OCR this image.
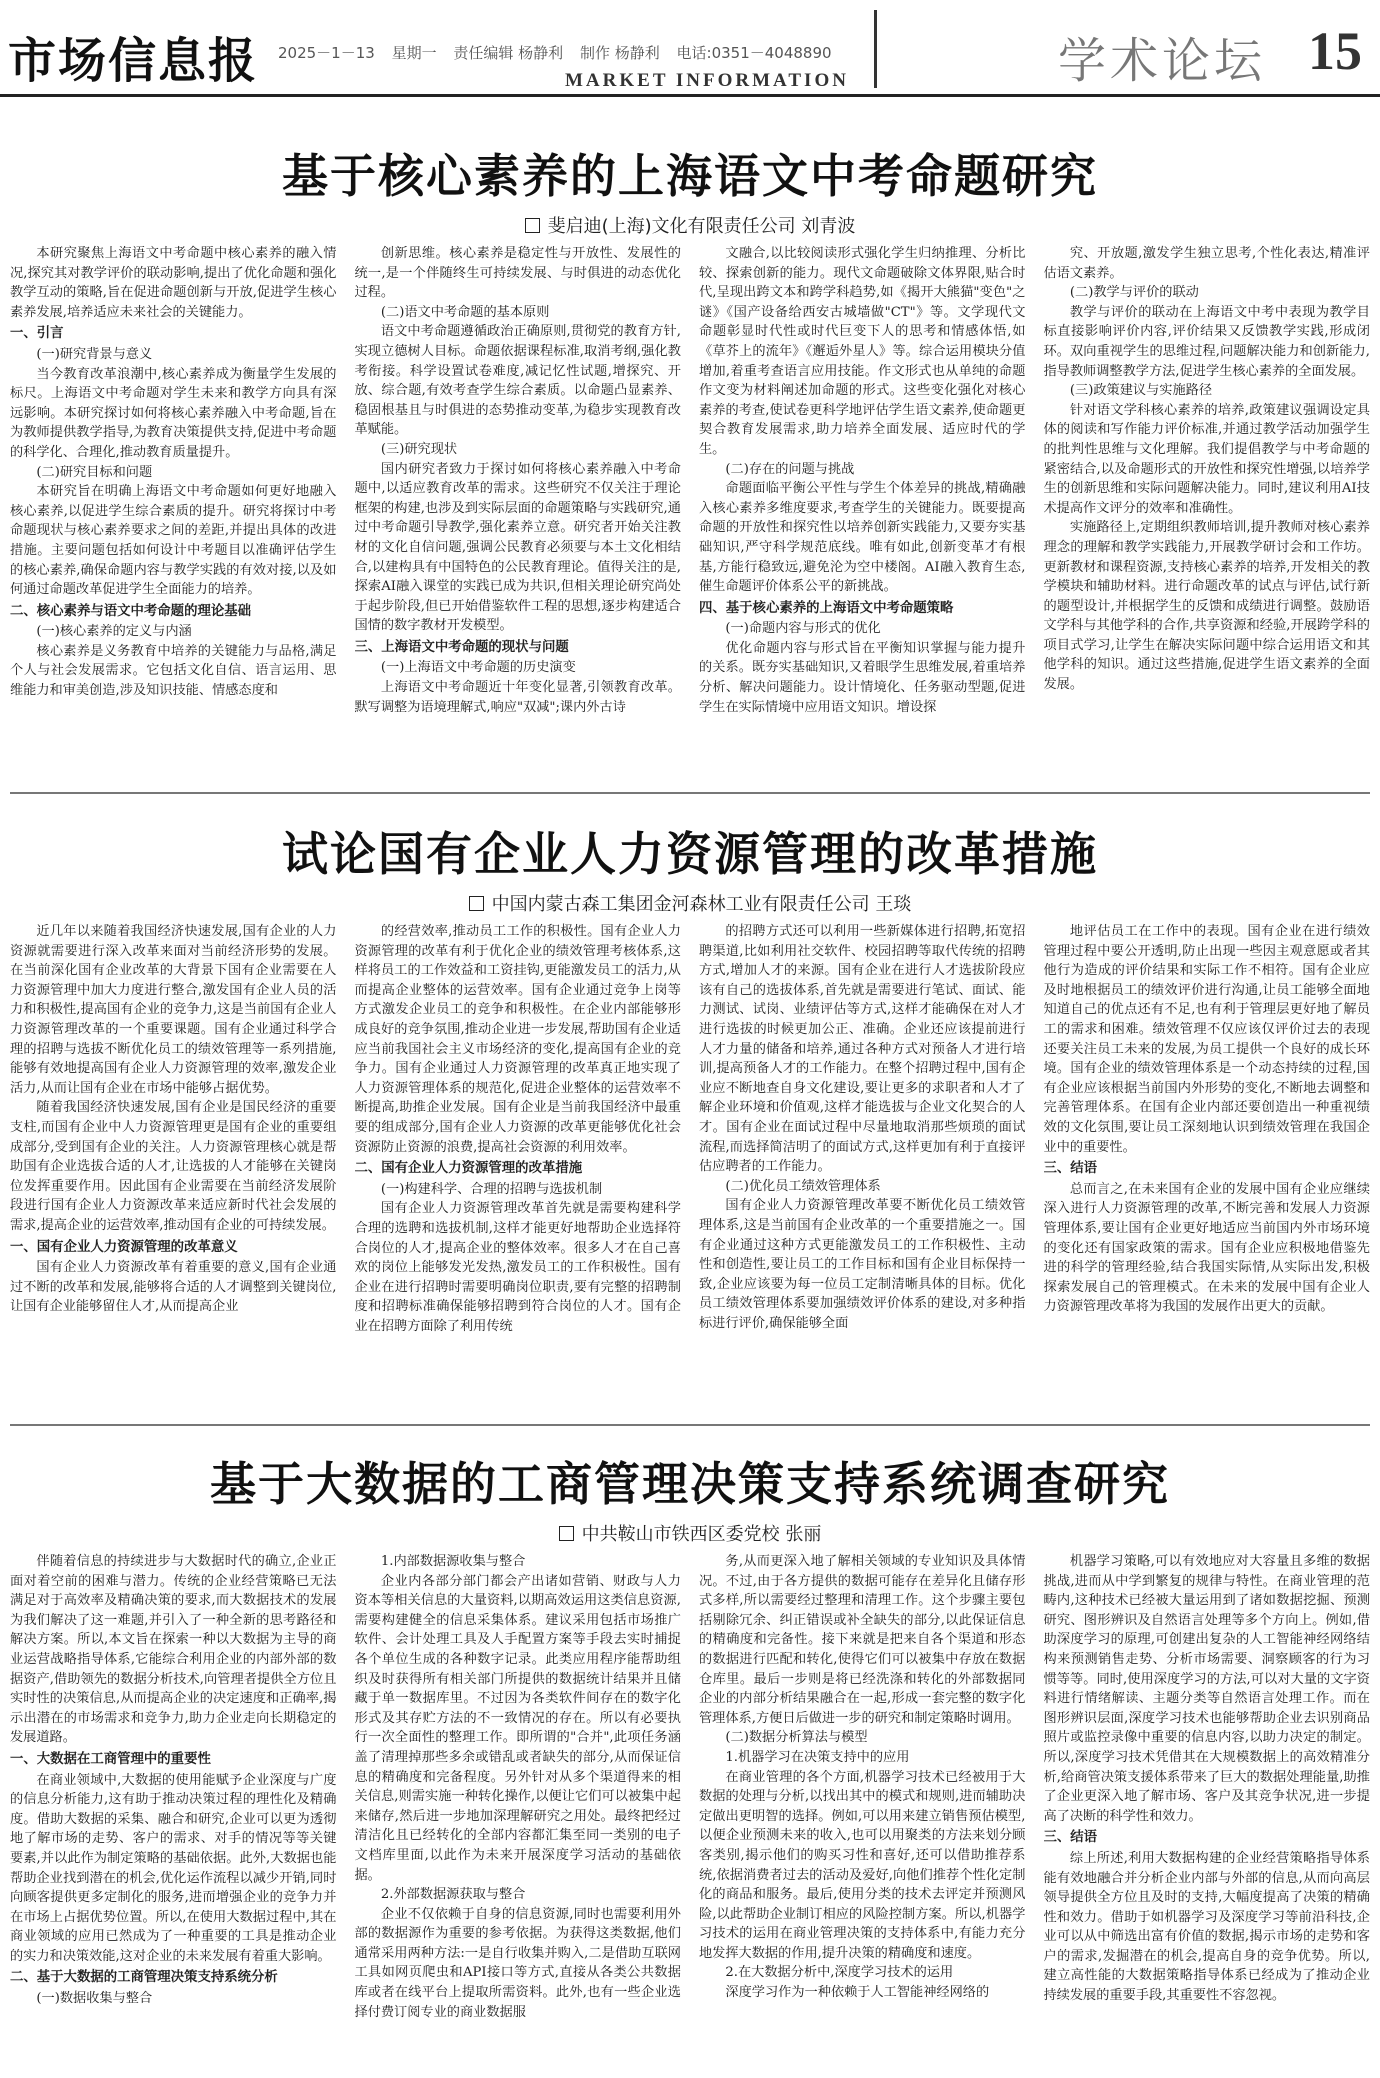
市场信息报 2025－1－13 星期一 责任编辑 杨静利 制作 杨静利 电话:0351－4048890
MARKET INFORMATION	学术论坛 15
基于核心素养的上海语文中考命题研究
斐启迪(上海)文化有限责任公司 刘青波

本研究聚焦上海语文中考命题中核心素养的融入情况,探究其对教学评价的联动影响,提出了优化命题和强化教学互动的策略,旨在促进命题创新与开放,促进学生核心素养发展,培养适应未来社会的关键能力。

一、引言
(一)研究背景与意义

当今教育改革浪潮中,核心素养成为衡量学生发展的标尺。上海语文中考命题对学生未来和教学方向具有深远影响。本研究探讨如何将核心素养融入中考命题,旨在为教师提供教学指导,为教育决策提供支持,促进中考命题的科学化、合理化,推动教育质量提升。

(二)研究目标和问题

本研究旨在明确上海语文中考命题如何更好地融入核心素养,以促进学生综合素质的提升。研究将探讨中考命题现状与核心素养要求之间的差距,并提出具体的改进措施。主要问题包括如何设计中考题目以准确评估学生的核心素养,确保命题内容与教学实践的有效对接,以及如何通过命题改革促进学生全面能力的培养。

二、核心素养与语文中考命题的理论基础
(一)核心素养的定义与内涵

核心素养是义务教育中培养的关键能力与品格,满足个人与社会发展需求。它包括文化自信、语言运用、思维能力和审美创造,涉及知识技能、情感态度和

创新思维。核心素养是稳定性与开放性、发展性的统一,是一个伴随终生可持续发展、与时俱进的动态优化过程。

(二)语文中考命题的基本原则

语文中考命题遵循政治正确原则,贯彻党的教育方针,实现立德树人目标。命题依据课程标准,取消考纲,强化教考衔接。科学设置试卷难度,减记忆性试题,增探究、开放、综合题,有效考查学生综合素质。以命题凸显素养、稳固根基且与时俱进的态势推动变革,为稳步实现教育改革赋能。

(三)研究现状

国内研究者致力于探讨如何将核心素养融入中考命题中,以适应教育改革的需求。这些研究不仅关注于理论框架的构建,也涉及到实际层面的命题策略与实践研究,通过中考命题引导教学,强化素养立意。研究者开始关注教材的文化自信问题,强调公民教育必须要与本土文化相结合,以建构具有中国特色的公民教育理论。值得关注的是,探索AI融入课堂的实践已成为共识,但相关理论研究尚处于起步阶段,但已开始借鉴软件工程的思想,逐步构建适合国情的数字教材开发模型。

三、上海语文中考命题的现状与问题
(一)上海语文中考命题的历史演变

上海语文中考命题近十年变化显著,引领教育改革。默写调整为语境理解式,响应"双减";课内外古诗

文融合,以比较阅读形式强化学生归纳推理、分析比较、探索创新的能力。现代文命题破除文体界限,贴合时代,呈现出跨文本和跨学科趋势,如《揭开大熊猫"变色"之谜》《国产设备给西安古城墙做"CT"》等。文学现代文命题彰显时代性或时代巨变下人的思考和情感体悟,如《草芥上的流年》《邂逅外星人》等。综合运用模块分值增加,着重考查语言应用技能。作文形式也从单纯的命题作文变为材料阐述加命题的形式。这些变化强化对核心素养的考查,使试卷更科学地评估学生语文素养,使命题更契合教育发展需求,助力培养全面发展、适应时代的学生。

(二)存在的问题与挑战

命题面临平衡公平性与学生个体差异的挑战,精确融入核心素养多维度要求,考查学生的关键能力。既要提高命题的开放性和探究性以培养创新实践能力,又要夯实基础知识,严守科学规范底线。唯有如此,创新变革才有根基,方能行稳致远,避免沦为空中楼阁。AI融入教育生态,催生命题评价体系公平的新挑战。

四、基于核心素养的上海语文中考命题策略
(一)命题内容与形式的优化

优化命题内容与形式旨在平衡知识掌握与能力提升的关系。既夯实基础知识,又着眼学生思维发展,着重培养分析、解决问题能力。设计情境化、任务驱动型题,促进学生在实际情境中应用语文知识。增设探

究、开放题,激发学生独立思考,个性化表达,精准评估语文素养。

(二)教学与评价的联动

教学与评价的联动在上海语文中考中表现为教学目标直接影响评价内容,评价结果又反馈教学实践,形成闭环。双向重视学生的思维过程,问题解决能力和创新能力,指导教师调整教学方法,促进学生核心素养的全面发展。

(三)政策建议与实施路径

针对语文学科核心素养的培养,政策建议强调设定具体的阅读和写作能力评价标准,并通过教学活动加强学生的批判性思维与文化理解。我们提倡教学与中考命题的紧密结合,以及命题形式的开放性和探究性增强,以培养学生的创新思维和实际问题解决能力。同时,建议利用AI技术提高作文评分的效率和准确性。

实施路径上,定期组织教师培训,提升教师对核心素养理念的理解和教学实践能力,开展教学研讨会和工作坊。更新教材和课程资源,支持核心素养的培养,开发相关的教学模块和辅助材料。进行命题改革的试点与评估,试行新的题型设计,并根据学生的反馈和成绩进行调整。鼓励语文学科与其他学科的合作,共享资源和经验,开展跨学科的项目式学习,让学生在解决实际问题中综合运用语文和其他学科的知识。通过这些措施,促进学生语文素养的全面发展。

试论国有企业人力资源管理的改革措施
中国内蒙古森工集团金河森林工业有限责任公司 王琰

近几年以来随着我国经济快速发展,国有企业的人力资源就需要进行深入改革来面对当前经济形势的发展。在当前深化国有企业改革的大背景下国有企业需要在人力资源管理中加大力度进行整合,激发国有企业人员的活力和积极性,提高国有企业的竞争力,这是当前国有企业人力资源管理改革的一个重要课题。国有企业通过科学合理的招聘与选拔不断优化员工的绩效管理等一系列措施,能够有效地提高国有企业人力资源管理的效率,激发企业活力,从而让国有企业在市场中能够占据优势。

随着我国经济快速发展,国有企业是国民经济的重要支柱,而国有企业中人力资源管理更是国有企业的重要组成部分,受到国有企业的关注。人力资源管理核心就是帮助国有企业选拔合适的人才,让选拔的人才能够在关键岗位发挥重要作用。因此国有企业需要在当前经济发展阶段进行国有企业人力资源改革来适应新时代社会发展的需求,提高企业的运营效率,推动国有企业的可持续发展。

一、国有企业人力资源管理的改革意义

国有企业人力资源改革有着重要的意义,国有企业通过不断的改革和发展,能够将合适的人才调整到关键岗位,让国有企业能够留住人才,从而提高企业

的经营效率,推动员工工作的积极性。国有企业人力资源管理的改革有利于优化企业的绩效管理考核体系,这样将员工的工作效益和工资挂钩,更能激发员工的活力,从而提高企业整体的运营效率。国有企业通过竞争上岗等方式激发企业员工的竞争和积极性。在企业内部能够形成良好的竞争氛围,推动企业进一步发展,帮助国有企业适应当前我国社会主义市场经济的变化,提高国有企业的竞争力。国有企业通过人力资源管理的改革真正地实现了人力资源管理体系的规范化,促进企业整体的运营效率不断提高,助推企业发展。国有企业是当前我国经济中最重要的组成部分,国有企业人力资源的改革更能够优化社会资源防止资源的浪费,提高社会资源的利用效率。

二、国有企业人力资源管理的改革措施
(一)构建科学、合理的招聘与选拔机制

国有企业人力资源管理改革首先就是需要构建科学合理的选聘和选拔机制,这样才能更好地帮助企业选择符合岗位的人才,提高企业的整体效率。很多人才在自己喜欢的岗位上能够发光发热,激发员工的工作积极性。国有企业在进行招聘时需要明确岗位职责,要有完整的招聘制度和招聘标准确保能够招聘到符合岗位的人才。国有企业在招聘方面除了利用传统

的招聘方式还可以利用一些新媒体进行招聘,拓宽招聘渠道,比如利用社交软件、校园招聘等取代传统的招聘方式,增加人才的来源。国有企业在进行人才选拔阶段应该有自己的选拔体系,首先就是需要进行笔试、面试、能力测试、试岗、业绩评估等方式,这样才能确保在对人才进行选拔的时候更加公正、准确。企业还应该提前进行人才力量的储备和培养,通过各种方式对预备人才进行培训,提高预备人才的工作能力。在整个招聘过程中,国有企业应不断地查自身文化建设,要让更多的求职者和人才了解企业环境和价值观,这样才能选拔与企业文化契合的人才。国有企业在面试过程中尽量地取消那些烦琐的面试流程,而选择简洁明了的面试方式,这样更加有利于直接评估应聘者的工作能力。

(二)优化员工绩效管理体系

国有企业人力资源管理改革要不断优化员工绩效管理体系,这是当前国有企业改革的一个重要措施之一。国有企业通过这种方式更能激发员工的工作积极性、主动性和创造性,要让员工的工作目标和国有企业目标保持一致,企业应该要为每一位员工定制清晰具体的目标。优化员工绩效管理体系要加强绩效评价体系的建设,对多种指标进行评价,确保能够全面

地评估员工在工作中的表现。国有企业在进行绩效管理过程中要公开透明,防止出现一些因主观意愿或者其他行为造成的评价结果和实际工作不相符。国有企业应及时地根据员工的绩效评价进行沟通,让员工能够全面地知道自己的优点还有不足,也有利于管理层更好地了解员工的需求和困难。绩效管理不仅应该仅评价过去的表现还要关注员工未来的发展,为员工提供一个良好的成长环境。国有企业的绩效管理体系是一个动态持续的过程,国有企业应该根据当前国内外形势的变化,不断地去调整和完善管理体系。在国有企业内部还要创造出一种重视绩效的文化氛围,要让员工深刻地认识到绩效管理在我国企业中的重要性。

三、结语

总而言之,在未来国有企业的发展中国有企业应继续深入进行人力资源管理的改革,不断完善和发展人力资源管理体系,要让国有企业更好地适应当前国内外市场环境的变化还有国家政策的需求。国有企业应积极地借鉴先进的科学的管理经验,结合我国实际情,从实际出发,积极探索发展自己的管理模式。在未来的发展中国有企业人力资源管理改革将为我国的发展作出更大的贡献。

基于大数据的工商管理决策支持系统调查研究
中共鞍山市铁西区委党校 张丽

伴随着信息的持续进步与大数据时代的确立,企业正面对着空前的困难与潜力。传统的企业经营策略已无法满足对于高效率及精确决策的要求,而大数据技术的发展为我们解决了这一难题,并引入了一种全新的思考路径和解决方案。所以,本文旨在探索一种以大数据为主导的商业运营战略指导体系,它能综合利用企业的内部外部的数据资产,借助领先的数据分析技术,向管理者提供全方位且实时性的决策信息,从而提高企业的决定速度和正确率,揭示出潜在的市场需求和竞争力,助力企业走向长期稳定的发展道路。

一、大数据在工商管理中的重要性

在商业领域中,大数据的使用能赋予企业深度与广度的信息分析能力,这有助于推动决策过程的理性化及精确度。借助大数据的采集、融合和研究,企业可以更为透彻地了解市场的走势、客户的需求、对手的情况等等关键要素,并以此作为制定策略的基础依据。此外,大数据也能帮助企业找到潜在的机会,优化运作流程以减少开销,同时向顾客提供更多定制化的服务,进而增强企业的竞争力并在市场上占据优势位置。所以,在使用大数据过程中,其在商业领域的应用已然成为了一种重要的工具是推动企业的实力和决策效能,这对企业的未来发展有着重大影响。

二、基于大数据的工商管理决策支持系统分析
(一)数据收集与整合

1.内部数据源收集与整合

企业内各部分部门都会产出诸如营销、财政与人力资本等相关信息的大量资料,以期高效运用这类信息资源,需要构建健全的信息采集体系。建议采用包括市场推广软件、会计处理工具及人手配置方案等手段去实时捕捉各个单位生成的各种数字记录。此类应用程序能帮助组织及时获得所有相关部门所提供的数据统计结果并且储藏于单一数据库里。不过因为各类软件间存在的数字化形式及其存贮方法的不一致情况的存在。所以有必要执行一次全面性的整理工作。即所谓的"合并",此项任务涵盖了清理掉那些多余或错乱或者缺失的部分,从而保证信息的精确度和完备程度。另外针对从多个渠道得来的相关信息,则需实施一种转化操作,以便让它们可以被集中起来储存,然后进一步地加深理解研究之用处。最终把经过清洁化且已经转化的全部内容都汇集至同一类别的电子文档库里面,以此作为未来开展深度学习活动的基础依据。

2.外部数据源获取与整合

企业不仅依赖于自身的信息资源,同时也需要利用外部的数据源作为重要的参考依据。为获得这类数据,他们通常采用两种方法:一是自行收集并购入,二是借助互联网工具如网页爬虫和API接口等方式,直接从各类公共数据库或者在线平台上提取所需资料。此外,也有一些企业选择付费订阅专业的商业数据服

务,从而更深入地了解相关领域的专业知识及具体情况。不过,由于各方提供的数据可能存在差异化且储存形式多样,所以需要经过整理和清理工作。这个步骤主要包括剔除冗余、纠正错误或补全缺失的部分,以此保证信息的精确度和完备性。接下来就是把来自各个渠道和形态的数据进行匹配和转化,使得它们可以被集中存放在数据仓库里。最后一步则是将已经洗涤和转化的外部数据同企业的内部分析结果融合在一起,形成一套完整的数字化管理体系,方便日后做进一步的研究和制定策略时调用。

(二)数据分析算法与模型

1.机器学习在决策支持中的应用

在商业管理的各个方面,机器学习技术已经被用于大数据的处理与分析,以找出其中的模式和规则,进而辅助决定做出更明智的选择。例如,可以用来建立销售预估模型,以便企业预测未来的收入,也可以用聚类的方法来划分顾客类别,揭示他们的购买习性和喜好,还可以借助推荐系统,依据消费者过去的活动及爱好,向他们推荐个性化定制化的商品和服务。最后,使用分类的技术去评定并预测风险,以此帮助企业制订相应的风险控制方案。所以,机器学习技术的运用在商业管理决策的支持体系中,有能力充分地发挥大数据的作用,提升决策的精确度和速度。

2.在大数据分析中,深度学习技术的运用

深度学习作为一种依赖于人工智能神经网络的

机器学习策略,可以有效地应对大容量且多维的数据挑战,进而从中学到繁复的规律与特性。在商业管理的范畴内,这种技术已经被大量运用到了诸如数据挖掘、预测研究、图形辨识及自然语言处理等多个方向上。例如,借助深度学习的原理,可创建出复杂的人工智能神经网络结构来预测销售走势、分析市场需要、洞察顾客的行为习惯等等。同时,使用深度学习的方法,可以对大量的文字资料进行情绪解读、主题分类等自然语言处理工作。而在图形辨识层面,深度学习技术也能够帮助企业去识别商品照片或监控录像中重要的信息内容,以助力决定的制定。所以,深度学习技术凭借其在大规模数据上的高效精准分析,给商管决策支援体系带来了巨大的数据处理能量,助推了企业更深入地了解市场、客户及其竞争状况,进一步提高了决断的科学性和效力。

三、结语

综上所述,利用大数据构建的企业经营策略指导体系能有效地融合并分析企业内部与外部的信息,从而向高层领导提供全方位且及时的支持,大幅度提高了决策的精确性和效力。借助于如机器学习及深度学习等前沿科技,企业可以从中筛选出富有价值的数据,揭示市场的走势和客户的需求,发掘潜在的机会,提高自身的竞争优势。所以,建立高性能的大数据策略指导体系已经成为了推动企业持续发展的重要手段,其重要性不容忽视。
